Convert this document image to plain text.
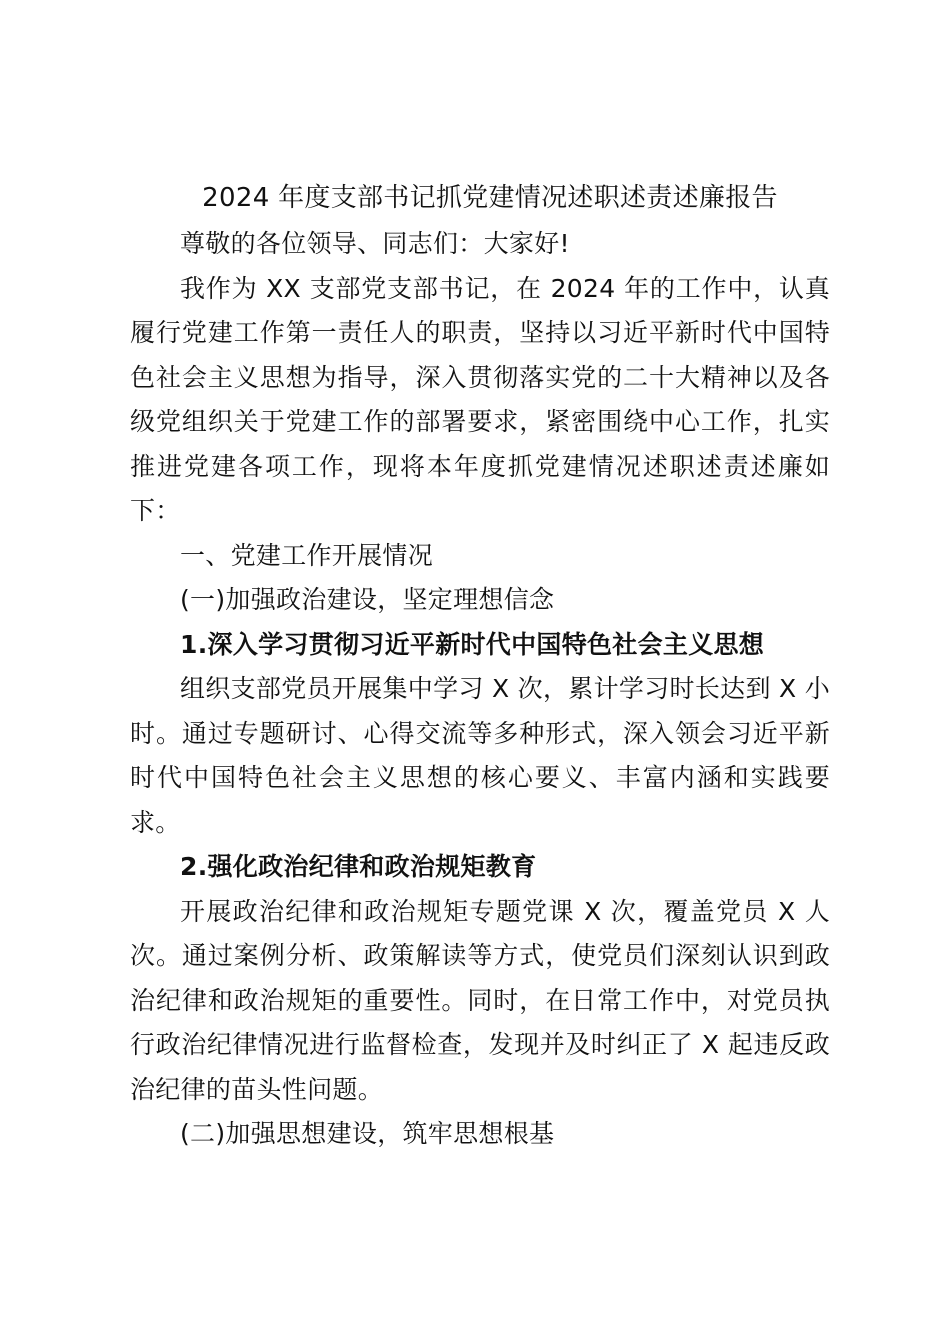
2024 年度支部书记抓党建情况述职述责述廉报告

尊敬的各位领导、同志们：大家好!

我作为 XX 支部党支部书记，在 2024 年的工作中，认真履行党建工作第一责任人的职责，坚持以习近平新时代中国特色社会主义思想为指导，深入贯彻落实党的二十大精神以及各级党组织关于党建工作的部署要求，紧密围绕中心工作，扎实推进党建各项工作，现将本年度抓党建情况述职述责述廉如下：

一、党建工作开展情况

(一)加强政治建设，坚定理想信念

1.深入学习贯彻习近平新时代中国特色社会主义思想

组织支部党员开展集中学习 X 次，累计学习时长达到 X 小时。通过专题研讨、心得交流等多种形式，深入领会习近平新时代中国特色社会主义思想的核心要义、丰富内涵和实践要求。

2.强化政治纪律和政治规矩教育

开展政治纪律和政治规矩专题党课 X 次，覆盖党员 X 人次。通过案例分析、政策解读等方式，使党员们深刻认识到政治纪律和政治规矩的重要性。同时，在日常工作中，对党员执行政治纪律情况进行监督检查，发现并及时纠正了 X 起违反政治纪律的苗头性问题。

(二)加强思想建设，筑牢思想根基
